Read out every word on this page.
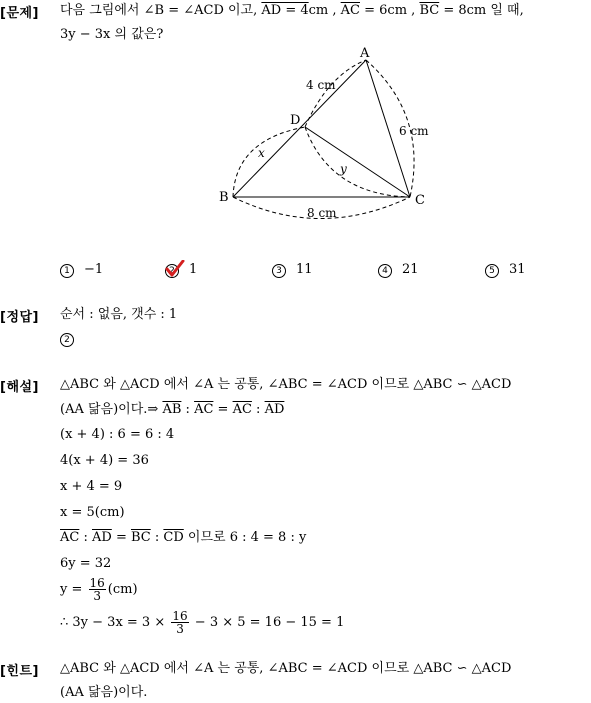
[문제] 다음 그림에서 ∠B = ∠ACD 이고, AD = 4cm , $\overline{AC} = 6cm$ , $\overline{BC} = 8cm$ 일 때,
3y − 3x 의 값은?
A
B	C
D
4 cm
6 cm
8 cm
x
y
1 −1	2
1	3 11	4 21	5 31
[정답] 순서 : 없음, 갯수 : 1
2
[해설] △ABC 와 △ACD 에서 ∠A 는 공통, ∠ABC = ∠ACD 이므로 △ABC ∽ △ACD
(AA 닮음)이다.⇒ $\overline{AB}$ : $\overline{AC} = \overline{AC}$ : $\overline{AD}$
(x + 4) : 6 = 6 : 4
4(x + 4) = 36
x + 4 = 9
x = 5(cm)
$\overline{AC}$ : $\overline{AD} = \overline{BC}$ : $\overline{CD}$ 이므로 6 : 4 = 8 : y
6y = 32
$y = \frac{16}{3} (cm)$
∴ $3y - 3x = 3 \times \frac{16}{3} - 3 \times 5 = 16 - 15 = 1$
[힌트] △ABC 와 △ACD 에서 ∠A 는 공통, ∠ABC = ∠ACD 이므로 △ABC ∽ △ACD
(AA 닮음)이다.
